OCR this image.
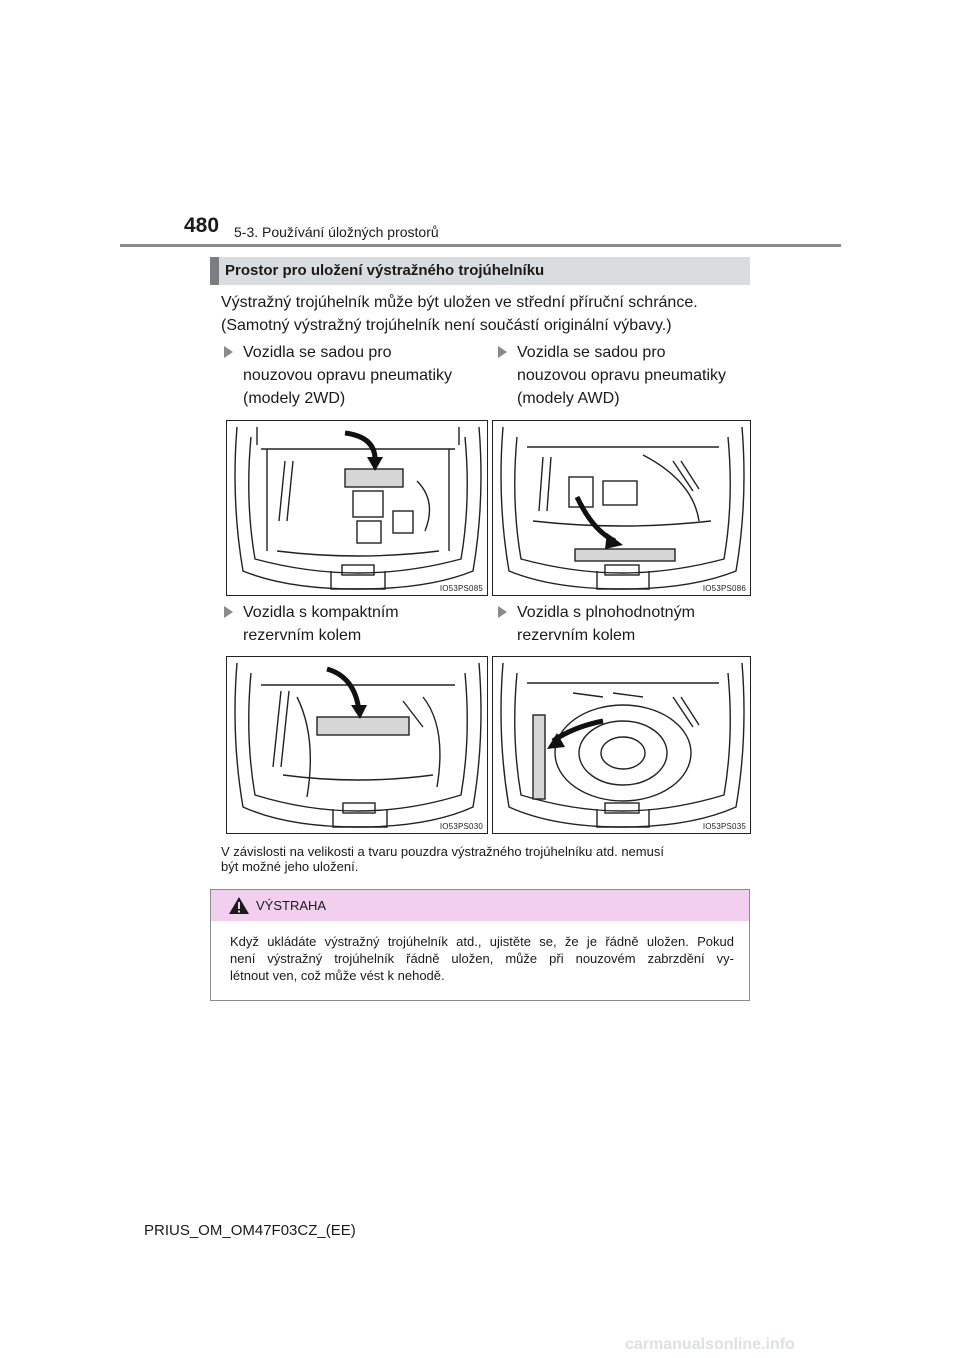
480 5-3. Používání úložných prostorů
Prostor pro uložení výstražného trojúhelníku
Výstražný trojúhelník může být uložen ve střední příruční schránce.
(Samotný výstražný trojúhelník není součástí originální výbavy.)
Vozidla se sadou pro
nouzovou opravu pneumatiky
(modely 2WD)
Vozidla se sadou pro
nouzovou opravu pneumatiky
(modely AWD)
Vozidla s kompaktním
rezervním kolem
Vozidla s plnohodnotným
rezervním kolem
IO53PS085	IO53PS086
IO53PS030	IO53PS035
V závislosti na velikosti a tvaru pouzdra výstražného trojúhelníku atd. nemusí
být možné jeho uložení.
VÝSTRAHA
Když ukládáte výstražný trojúhelník atd., ujistěte se, že je řádně uložen. Pokud
není výstražný trojúhelník řádně uložen, může při nouzovém zabrzdění vy-
létnout ven, což může vést k nehodě.
PRIUS_OM_OM47F03CZ_(EE)
carmanualsonline.info
